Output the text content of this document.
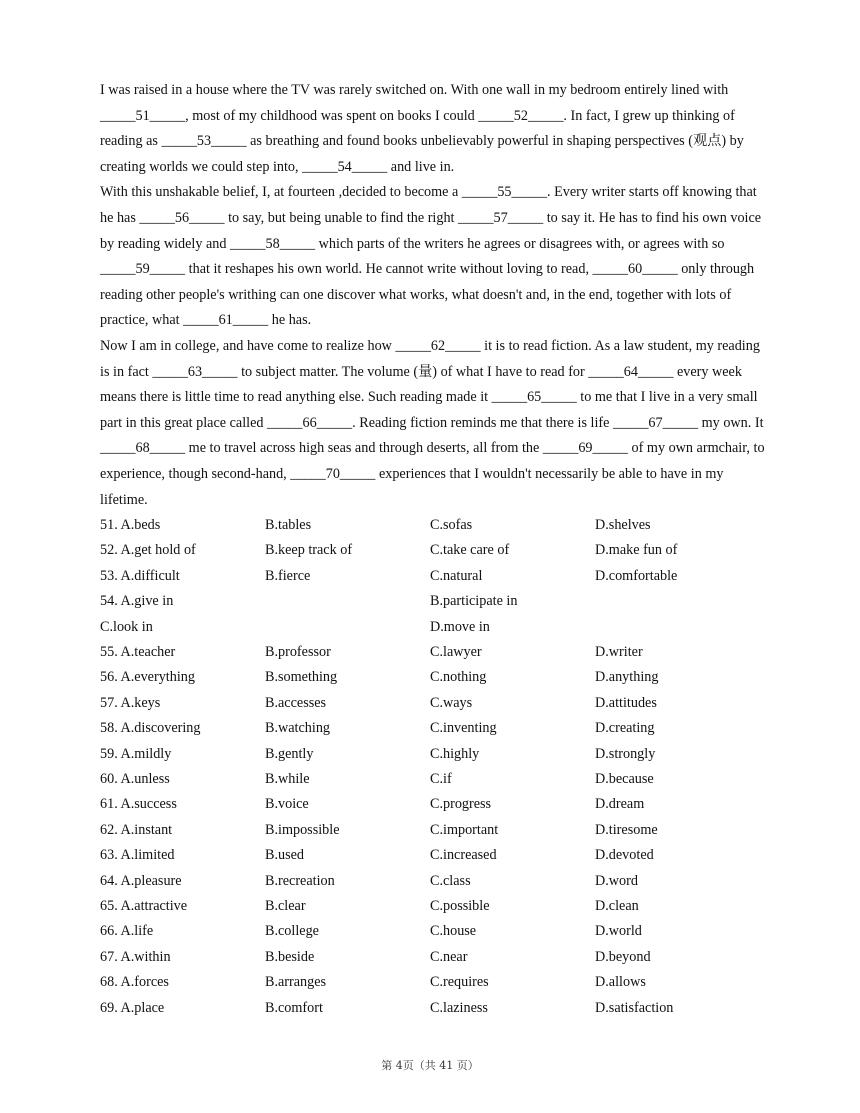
I was raised in a house where the TV was rarely switched on. With one wall in my bedroom entirely lined with _____51_____, most of my childhood was spent on books I could _____52_____. In fact, I grew up thinking of reading as _____53_____ as breathing and found books unbelievably powerful in shaping perspectives (观点) by creating worlds we could step into, _____54_____ and live in.

With this unshakable belief, I, at fourteen ,decided to become a _____55_____. Every writer starts off knowing that he has _____56_____ to say, but being unable to find the right _____57_____ to say it. He has to find his own voice by reading widely and _____58_____ which parts of the writers he agrees or disagrees with, or agrees with so _____59_____ that it reshapes his own world. He cannot write without loving to read, _____60_____ only through reading other people's writhing can one discover what works, what doesn't and, in the end, together with lots of practice, what _____61_____ he has.

Now I am in college, and have come to realize how _____62_____ it is to read fiction. As a law student, my reading is in fact _____63_____ to subject matter. The volume (量) of what I have to read for _____64_____ every week means there is little time to read anything else. Such reading made it _____65_____ to me that I live in a very small part in this great place called _____66_____. Reading fiction reminds me that there is life _____67_____ my own. It _____68_____ me to travel across high seas and through deserts, all from the _____69_____ of my own armchair, to experience, though second-hand, _____70_____ experiences that I wouldn't necessarily be able to have in my lifetime.

51. A.beds	B.tables	C.sofas	D.shelves
52. A.get hold of	B.keep track of	C.take care of	D.make fun of
53. A.difficult	B.fierce	C.natural	D.comfortable
54. A.give in	B.participate in
C.look in	D.move in
55. A.teacher	B.professor	C.lawyer	D.writer
56. A.everything	B.something	C.nothing	D.anything
57. A.keys	B.accesses	C.ways	D.attitudes
58. A.discovering	B.watching	C.inventing	D.creating
59. A.mildly	B.gently	C.highly	D.strongly
60. A.unless	B.while	C.if	D.because
61. A.success	B.voice	C.progress	D.dream
62. A.instant	B.impossible	C.important	D.tiresome
63. A.limited	B.used	C.increased	D.devoted
64. A.pleasure	B.recreation	C.class	D.word
65. A.attractive	B.clear	C.possible	D.clean
66. A.life	B.college	C.house	D.world
67. A.within	B.beside	C.near	D.beyond
68. A.forces	B.arranges	C.requires	D.allows
69. A.place	B.comfort	C.laziness	D.satisfaction
第 4页（共 41 页）
